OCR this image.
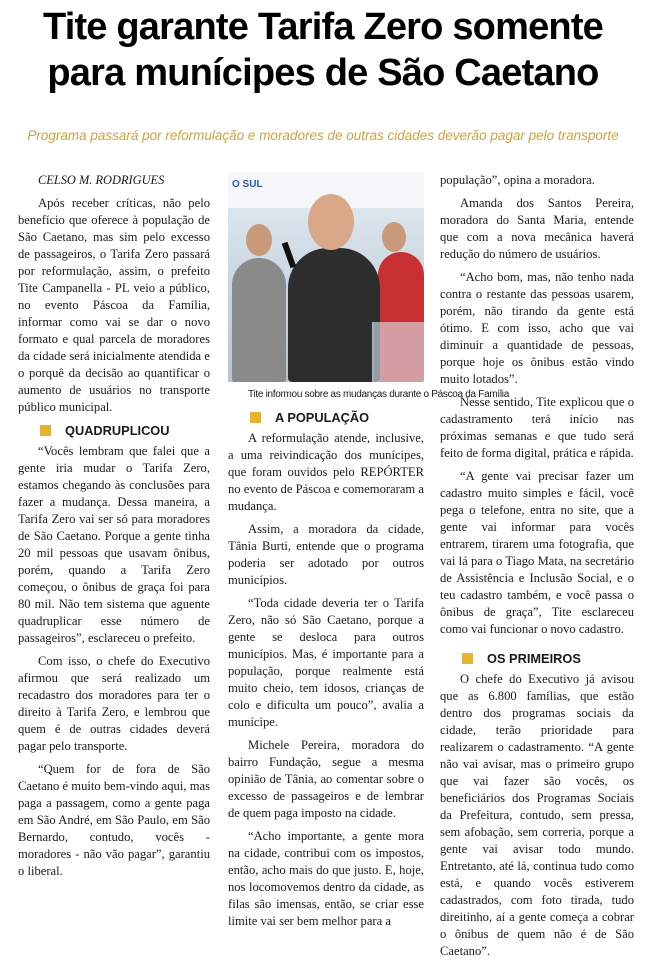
Tite garante Tarifa Zero somente
para munícipes de São Caetano
Programa passará por reformulação e moradores de outras cidades deverão pagar pelo transporte

CELSO M. RODRIGUES

Após receber críticas, não pelo benefício que oferece à população de São Caetano, mas sim pelo excesso de passageiros, o Tarifa Zero passará por reformulação, assim, o prefeito Tite Campanella - PL veio a público, no evento Páscoa da Família, informar como vai se dar o novo formato e qual parcela de moradores da cidade será inicialmente atendida e o porquê da decisão ao quantificar o aumento de usuários no transporte público municipal.

QUADRUPLICOU

“Vocês lembram que falei que a gente iria mudar o Tarifa Zero, estamos chegando às conclusões para fazer a mudança. Dessa maneira, a Tarifa Zero vai ser só para moradores de São Caetano. Porque a gente tinha 20 mil pessoas que usavam ônibus, porém, quando a Tarifa Zero começou, o ônibus de graça foi para 80 mil. Não tem sistema que aguente quadruplicar esse número de passageiros”, esclareceu o prefeito.

Com isso, o chefe do Executivo afirmou que será realizado um recadastro dos moradores para ter o direito à Tarifa Zero, e lembrou que quem é de outras cidades deverá pagar pelo transporte.

“Quem for de fora de São Caetano é muito bem-vindo aqui, mas paga a passagem, como a gente paga em São André, em São Paulo, em São Bernardo, contudo, vocês - moradores - não vão pagar”, garantiu o liberal.

O SUL

Tite informou sobre as mudanças durante o Páscoa da Família

A POPULAÇÃO

A reformulação atende, inclusive, a uma reivindicação dos munícipes, que foram ouvidos pelo REPÓRTER no evento de Páscoa e comemoraram a mudança.

Assim, a moradora da cidade, Tânia Burti, entende que o programa poderia ser adotado por outros municípios.

“Toda cidade deveria ter o Tarifa Zero, não só São Caetano, porque a gente se desloca para outros municípios. Mas, é importante para a população, porque realmente está muito cheio, tem idosos, crianças de colo e dificulta um pouco”, avalia a munícipe.

Michele Pereira, moradora do bairro Fundação, segue a mesma opinião de Tânia, ao comentar sobre o excesso de passageiros e de lembrar de quem paga imposto na cidade.

“Acho importante, a gente mora na cidade, contribui com os impostos, então, acho mais do que justo. E, hoje, nos locomovemos dentro da cidade, as filas são imensas, então, se criar esse limite vai ser bem melhor para a

população”, opina a moradora.

Amanda dos Santos Pereira, moradora do Santa Maria, entende que com a nova mecânica haverá redução do número de usuários.

“Acho bom, mas, não tenho nada contra o restante das pessoas usarem, porém, não tirando da gente está ótimo. E com isso, acho que vai diminuir a quantidade de pessoas, porque hoje os ônibus estão vindo muito lotados”.

Nesse sentido, Tite explicou que o cadastramento terá início nas próximas semanas e que tudo será feito de forma digital, prática e rápida.

“A gente vai precisar fazer um cadastro muito simples e fácil, você pega o telefone, entra no site, que a gente vai informar para vocês entrarem, tirarem uma fotografia, que vai lá para o Tiago Mata, na secretário de Assistência e Inclusão Social, e o teu cadastro também, e você passa o ônibus de graça”, Tite esclareceu como vai funcionar o novo cadastro.

OS PRIMEIROS

O chefe do Executivo já avisou que as 6.800 famílias, que estão dentro dos programas sociais da cidade, terão prioridade para realizarem o cadastramento. “A gente não vai avisar, mas o primeiro grupo que vai fazer são vocês, os beneficiários dos Programas Sociais da Prefeitura, contudo, sem pressa, sem afobação, sem correria, porque a gente vai avisar todo mundo. Entretanto, até lá, continua tudo como está, e quando vocês estiverem cadastrados, com foto tirada, tudo direitinho, aí a gente começa a cobrar o ônibus de quem não é de São Caetano”.
